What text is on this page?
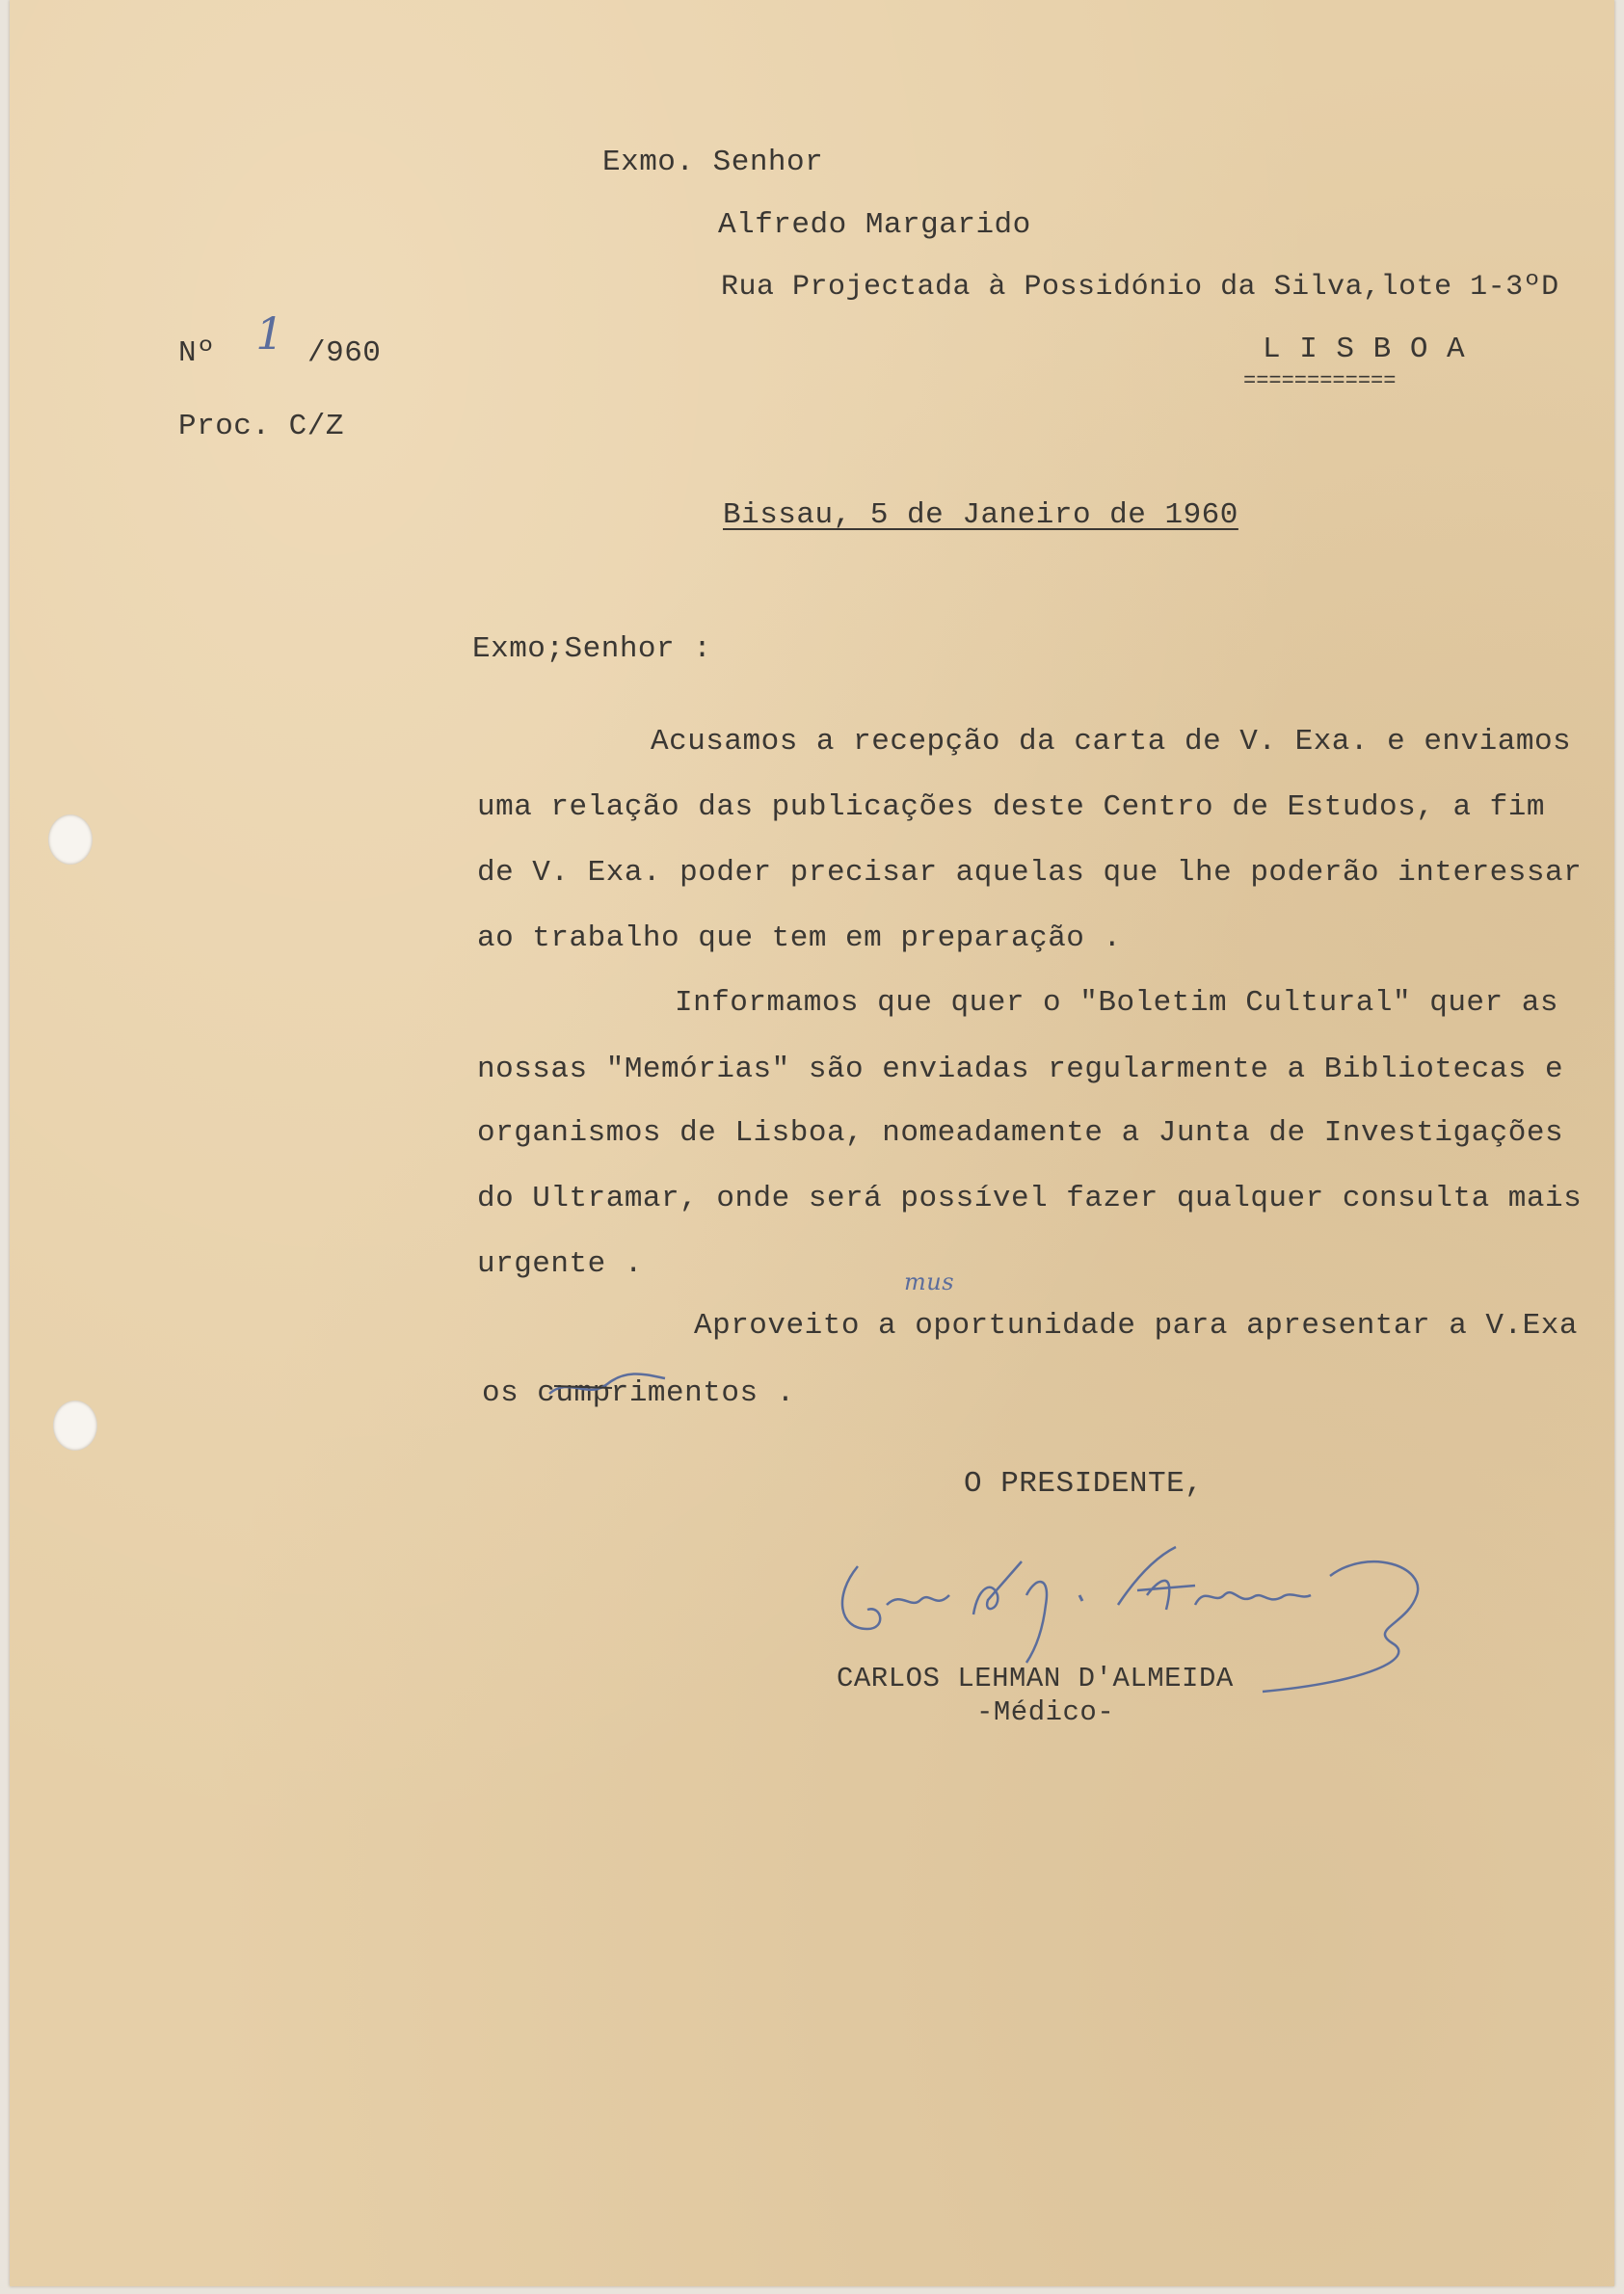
Exmo. Senhor

Alfredo Margarido

Rua Projectada à Possidónio da Silva,lote 1-3ºD

L I S B O A

============

Nº 1 /960

Proc. C/Z

Bissau, 5 de Janeiro de 1960

Exmo;Senhor :

Acusamos a recepção da carta de V. Exa. e enviamos

uma relação das publicações deste Centro de Estudos, a fim

de V. Exa. poder precisar aquelas que lhe poderão interessar

ao trabalho que tem em preparação .

Informamos que quer o "Boletim Cultural" quer as

nossas "Memórias" são enviadas regularmente a Bibliotecas e

organismos de Lisboa, nomeadamente a Junta de Investigações

do Ultramar, onde será possível fazer qualquer consulta mais

urgente .

Aproveito a oportunidade para apresentar a V.Exa

os cumprimentos .

mus

O PRESIDENTE,

CARLOS LEHMAN D'ALMEIDA

-Médico-
